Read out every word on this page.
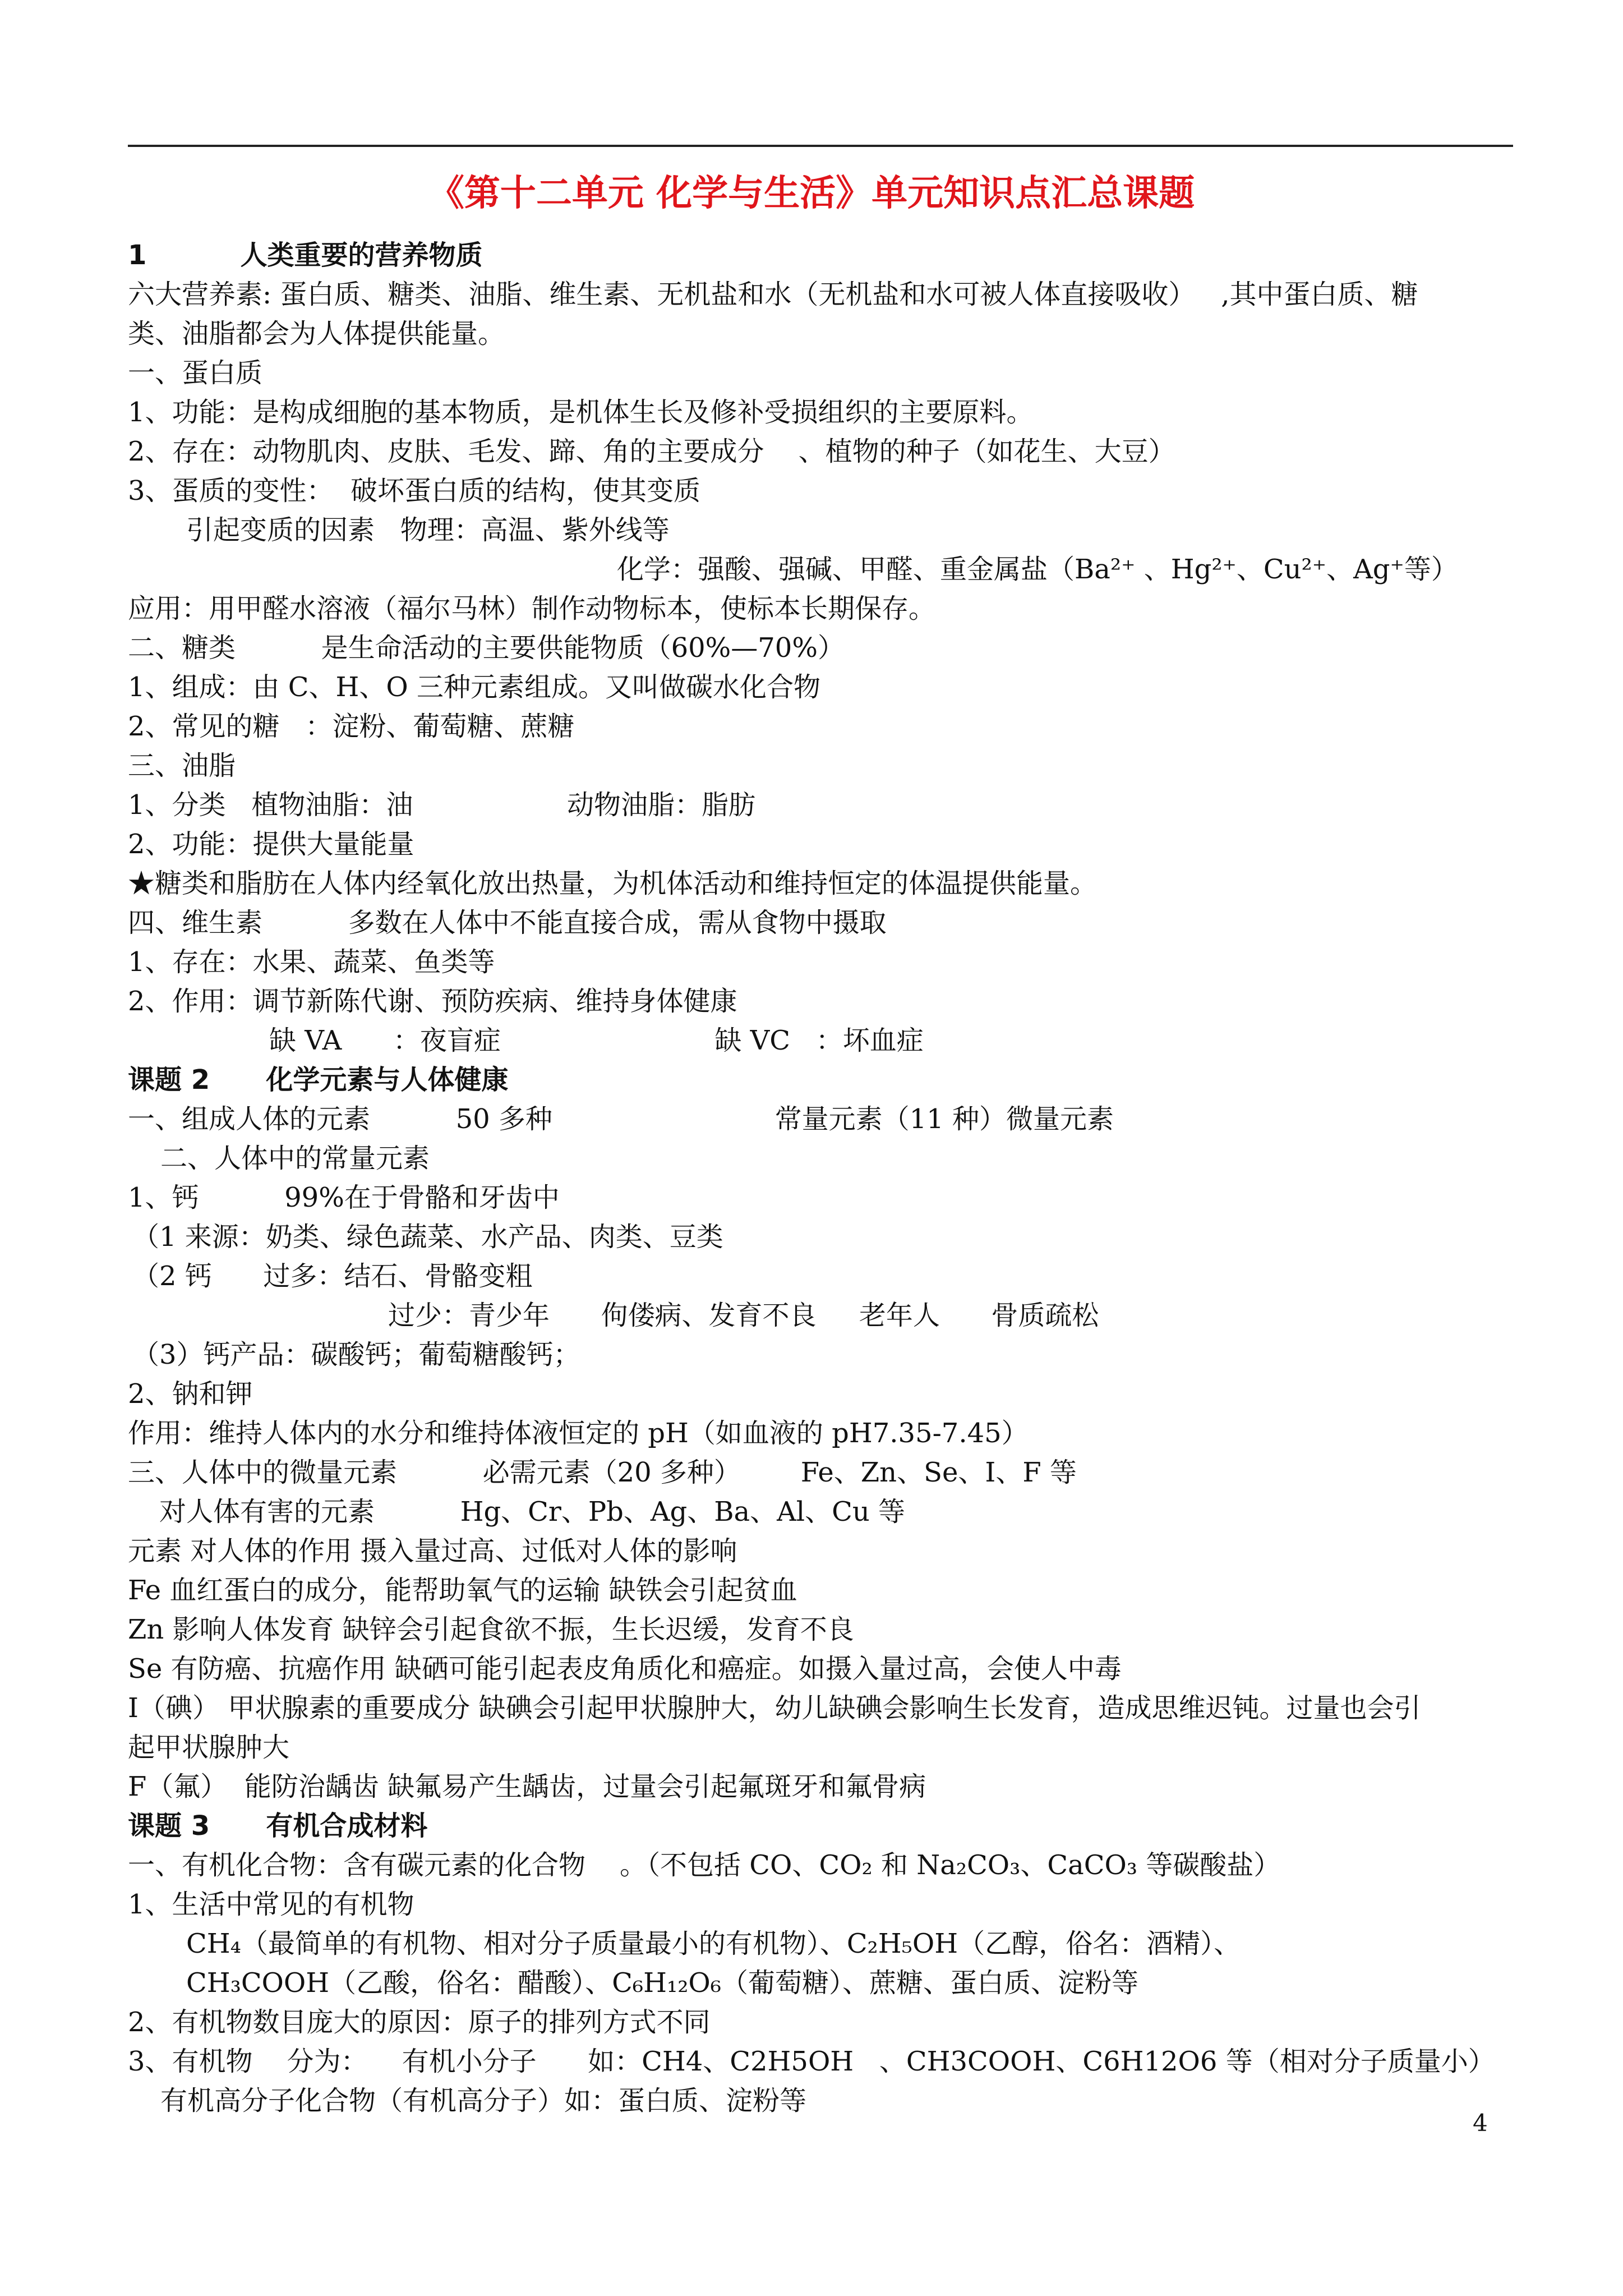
《第十二单元 化学与生活》单元知识点汇总课题
1          人类重要的营养物质
六大营养素: 蛋白质、糖类、油脂、维生素、无机盐和水（无机盐和水可被人体直接吸收）   ,其中蛋白质、糖
类、油脂都会为人体提供能量。
一、蛋白质
1、功能：是构成细胞的基本物质，是机体生长及修补受损组织的主要原料。
2、存在：动物肌肉、皮肤、毛发、蹄、角的主要成分    、植物的种子（如花生、大豆）
3、蛋质的变性：  破坏蛋白质的结构，使其变质
引起变质的因素   物理：高温、紫外线等
化学：强酸、强碱、甲醛、重金属盐（Ba²⁺ 、Hg²⁺、Cu²⁺、Ag⁺等）
应用：用甲醛水溶液（福尔马林）制作动物标本，使标本长期保存。
二、糖类          是生命活动的主要供能物质（60%—70%）
1、组成：由 C、H、O 三种元素组成。又叫做碳水化合物
2、常见的糖   ：淀粉、葡萄糖、蔗糖
三、油脂
1、分类   植物油脂：油                  动物油脂：脂肪
2、功能：提供大量能量
★糖类和脂肪在人体内经氧化放出热量，为机体活动和维持恒定的体温提供能量。
四、维生素          多数在人体中不能直接合成，需从食物中摄取
1、存在：水果、蔬菜、鱼类等
2、作用：调节新陈代谢、预防疾病、维持身体健康
缺 VA      ：夜盲症                         缺 VC   ：坏血症
课题 2      化学元素与人体健康
一、组成人体的元素          50 多种                          常量元素（11 种）微量元素
二、人体中的常量元素
1、钙          99%在于骨骼和牙齿中
（1 来源：奶类、绿色蔬菜、水产品、肉类、豆类
（2 钙      过多：结石、骨骼变粗
过少：青少年      佝偻病、发育不良     老年人      骨质疏松
（3）钙产品：碳酸钙；葡萄糖酸钙；
2、钠和钾
作用：维持人体内的水分和维持体液恒定的 pH（如血液的 pH7.35-7.45）
三、人体中的微量元素          必需元素（20 多种）       Fe、Zn、Se、I、F 等
对人体有害的元素          Hg、Cr、Pb、Ag、Ba、Al、Cu 等
元素 对人体的作用 摄入量过高、过低对人体的影响
Fe 血红蛋白的成分，能帮助氧气的运输 缺铁会引起贫血
Zn 影响人体发育 缺锌会引起食欲不振，生长迟缓，发育不良
Se 有防癌、抗癌作用 缺硒可能引起表皮角质化和癌症。如摄入量过高，会使人中毒
I（碘） 甲状腺素的重要成分 缺碘会引起甲状腺肿大，幼儿缺碘会影响生长发育，造成思维迟钝。过量也会引
起甲状腺肿大
F（氟）  能防治龋齿 缺氟易产生龋齿，过量会引起氟斑牙和氟骨病
课题 3      有机合成材料
一、有机化合物：含有碳元素的化合物    。（不包括 CO、CO₂ 和 Na₂CO₃、CaCO₃ 等碳酸盐）
1、生活中常见的有机物
CH₄（最简单的有机物、相对分子质量最小的有机物）、C₂H₅OH（乙醇，俗名：酒精）、
CH₃COOH（乙酸，俗名：醋酸）、C₆H₁₂O₆（葡萄糖）、蔗糖、蛋白质、淀粉等
2、有机物数目庞大的原因：原子的排列方式不同
3、有机物    分为：    有机小分子      如：CH4、C2H5OH   、CH3COOH、C6H12O6 等（相对分子质量小）
有机高分子化合物（有机高分子）如：蛋白质、淀粉等
4
